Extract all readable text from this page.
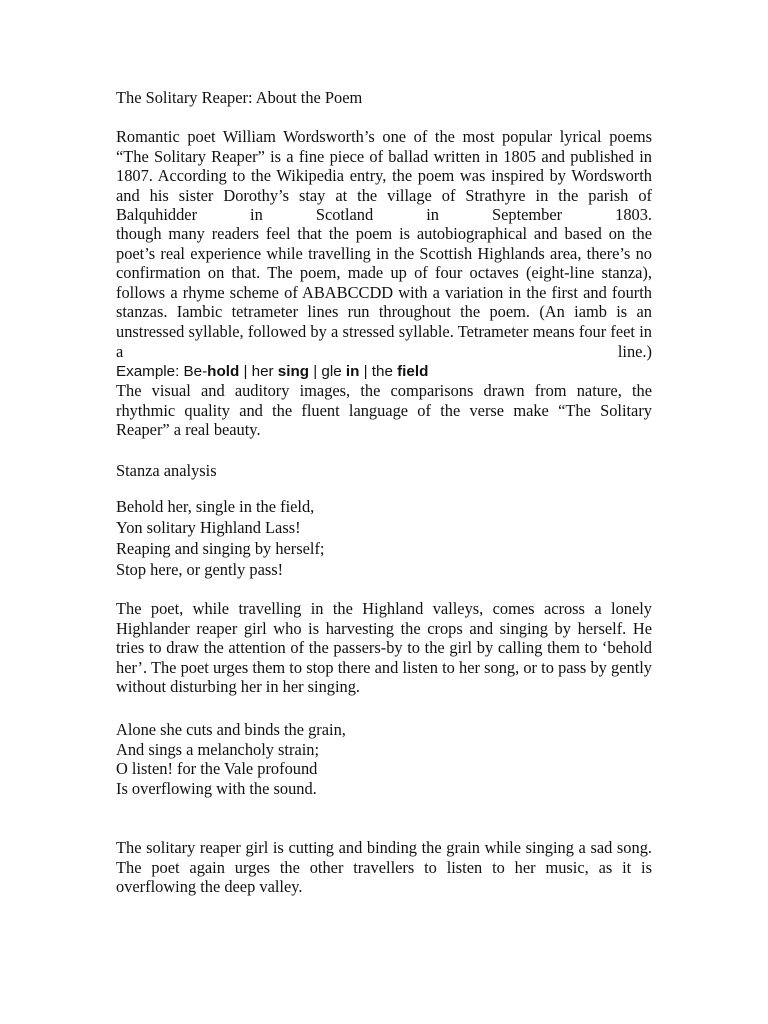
The Solitary Reaper: About the Poem

Romantic poet William Wordsworth’s one of the most popular lyrical poems “The Solitary Reaper” is a fine piece of ballad written in 1805 and published in 1807. According to the Wikipedia entry, the poem was inspired by Wordsworth and his sister Dorothy’s stay at the village of Strathyre in the parish of Balquhidder in Scotland in September 1803.

though many readers feel that the poem is autobiographical and based on the poet’s real experience while travelling in the Scottish Highlands area, there’s no confirmation on that. The poem, made up of four octaves (eight-line stanza), follows a rhyme scheme of ABABCCDD with a variation in the first and fourth stanzas. Iambic tetrameter lines run throughout the poem. (An iamb is an unstressed syllable, followed by a stressed syllable. Tetrameter means four feet in a line.)

Example: Be-hold | her sing | gle in | the field

The visual and auditory images, the comparisons drawn from nature, the rhythmic quality and the fluent language of the verse make “The Solitary Reaper” a real beauty.

Stanza analysis

Behold her, single in the field,
Yon solitary Highland Lass!
Reaping and singing by herself;
Stop here, or gently pass!

The poet, while travelling in the Highland valleys, comes across a lonely Highlander reaper girl who is harvesting the crops and singing by herself. He tries to draw the attention of the passers-by to the girl by calling them to ‘behold her’. The poet urges them to stop there and listen to her song, or to pass by gently without disturbing her in her singing.

Alone she cuts and binds the grain,
And sings a melancholy strain;
O listen! for the Vale profound
Is overflowing with the sound.

The solitary reaper girl is cutting and binding the grain while singing a sad song. The poet again urges the other travellers to listen to her music, as it is overflowing the deep valley.
